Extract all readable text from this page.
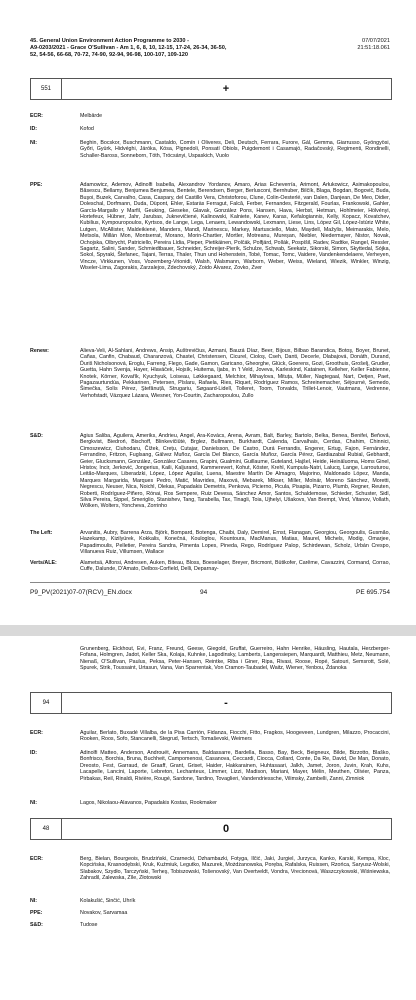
45. General Union Environment Action Programme to 2030 -
A9-0203/2021 - Grace O'Sullivan - Am 1, 6, 8, 10, 12-15, 17-24, 26-34, 36-50,
52, 54-56, 66-68, 70-72, 74-90, 92-94, 96-98, 100-107, 109-120
07/07/2021
21:51:18.061
551	+
ECR:	Melbārde
ID:	Kofod
NI:	Beghin, Bocskor, Buschmann, Castaldo, Comín i Oliveres, Deli, Deutsch, Ferrara, Furore, Gál, Gemma, Giarrusso, Gyöngyösi, Győri, Gyürk, Hidvéghi, Járóka, Kósa, Pignedoli, Ponsatí Obiols, Puigdemont i Casamajó, Radačovský, Regimenti, Rondinelli, Schaller-Baross, Sonneborn, Tóth, Trócsányi, Uspaskich, Vuolo
PPE:	Adamowicz, Ademov, Adinolfi Isabella, Alexandrov Yordanov, Amaro, Arias Echeverría, Arimont, Arłukowicz, Asimakopoulou, Băsescu, Bellamy, Benjumea Benjumea, Bentele, Berendsen, Berger, Berlusconi, Bernhuber, Bilčík, Blaga, Bogdan, Bogovič, Buda, Buşoi, Buzek, Carvalho, Casa, Caspary, del Castillo Vera, Christoforou, Clune, Colin-Oesterlé, van Dalen, Danjean, De Meo, Didier, Doleschal, Dorfmann, Duda, Düpont, Ehler, Estaràs Ferragut, Falcă, Ferber, Fernandes, Fitzgerald, Fourlas, Frankowski, Gahler, García-Margallo y Marfil, Geuking, Gieseke, Glavak, González Pons, Hansen, Hava, Herbst, Hetman, Hohlmeier, Hölvényi, Hortefeux, Hübner, Jahr, Jarubas, Juknevičienė, Kalinowski, Kalniete, Kanev, Karas, Kefalogiannis, Kelly, Kopacz, Kovatchev, Kubilius, Kympouropoulos, Kyrtsos, de Lange, Lega, Lenaers, Lewandowski, Lexmann, Liese, Lins, López Gil, López-Istúriz White, Lutgen, McAllister, Maldeikienė, Manders, Mandl, Marinescu, Markey, Martusciello, Mato, Maydell, Mažylis, Meimarakis, Melo, Metsola, Millán Mon, Montserrat, Morano, Morin-Chartier, Mortler, Motreanu, Mureșan, Niebler, Niedermayer, Nistor, Novak, Ochojska, Olbrycht, Patriciello, Pereira Lídia, Pieper, Pietikäinen, Polčák, Polfjärd, Pollák, Pospíšil, Radev, Radtke, Rangel, Ressler, Sagartz, Salini, Sander, Schmiedtbauer, Schneider, Schreijer-Pierik, Schulze, Schwab, Seekatz, Sikorski, Simon, Skyttedal, Sójka, Sokol, Spyraki, Štefanec, Tajani, Terras, Thaler, Thun und Hohenstein, Tobé, Tomac, Tomc, Vaidere, Vandenkendelaere, Verheyen, Vincze, Virkkunen, Voss, Vozemberg-Vrionidi, Walsh, Walsmann, Warborn, Weber, Weiss, Wieland, Wiezik, Winkler, Winzig, Wiseler-Lima, Zagorakis, Zarzalejos, Zdechovský, Zoido Álvarez, Zovko, Zver
Renew:	Alieva-Veli, Al-Sahlani, Andrews, Ansip, Auštrevičius, Azmani, Bauzá Díaz, Beer, Bijoux, Bilbao Barandica, Botoş, Boyer, Brunet, Cañas, Canfin, Chabaud, Charanzová, Chastel, Christensen, Cicurel, Cioloş, Cseh, Danti, Decerle, Dlabajová, Donáth, Durand, Ďuriš Nicholsonová, Eroglu, Farreng, Flego, Gade, Gamon, Garicano, Gheorghe, Glück, Goerens, Gozi, Groothuis, Grošelj, Grudler, Guetta, Hahn Svenja, Hayer, Hlaváček, Hojsík, Huitema, Ijabs, in 't Veld, Joveva, Karleskind, Katainen, Kelleher, Keller Fabienne, Knotek, Körner, Kovařík, Kyuchyuk, Loiseau, Løkkegaard, Melchior, Mihaylova, Mituța, Müller, Nagtegaal, Nart, Oetjen, Paet, Pagazaurtundúa, Pekkarinen, Petersen, Pîslaru, Rafaela, Ries, Riquet, Rodríguez Ramos, Schreinemacher, Séjourné, Semedo, Šimečka, Solís Pérez, Ştefănuță, Strugariu, Søgaard-Lidell, Tolleret, Toom, Torvalds, Trillet-Lenoir, Vautmans, Vedrenne, Verhofstadt, Vázquez Lázara, Wiesner, Yon-Courtin, Zacharopoulou, Zullo
S&D:	Agius Saliba, Aguilera, Ameriks, Andrieu, Angel, Ara-Kovács, Arena, Avram, Balt, Barley, Bartolo, Belka, Benea, Benifei, Beňová, Bergkvist, Biedroń, Bischoff, Blinkevičiūtė, Brglez, Bullmann, Burkhardt, Calenda, Carvalhais, Cerdas, Chahim, Chinnici, Cimoszewicz, Ciuhodaru, Čížek, Crețu, Cutajar, Danielsson, De Castro, Durá Ferrandis, Engerer, Ertug, Fajon, Fernández, Ferrandino, Fritzon, Fuglsang, Gálvez Muñoz, García Del Blanco, García Muñoz, García Pérez, Gardiazabal Rubial, Gebhardt, Geier, Glucksmann, González, González Casares, Grapini, Gualmini, Guillaume, Guteland, Hajšel, Heide, Heinäluoma, Homs Ginel, Hristov, Incir, Jerković, Jongerius, Kaili, Kaljurand, Kammerevert, Kohut, Köster, Krehl, Kumpula-Natri, Lalucq, Lange, Larrouturou, Leitão-Marques, Liberadzki, López, López Aguilar, Luena, Maestre Martín De Almagro, Majorino, Maldonado López, Manda, Marques Margarida, Marques Pedro, Matić, Mavrides, Maxová, Mebarek, Mikser, Miller, Molnár, Moreno Sánchez, Moretti, Negrescu, Neuser, Nica, Noichl, Olekas, Papadakis Demetris, Penkova, Picierno, Picula, Pisapia, Pizarro, Plumb, Regner, Reuten, Roberti, Rodríguez-Piñero, Rónai, Ros Sempere, Ruiz Devesa, Sánchez Amor, Santos, Schaldemose, Schieder, Schuster, Sidl, Silva Pereira, Sippel, Smeriglio, Stanishev, Tang, Tarabella, Tax, Tinagli, Toia, Ujhelyi, Ušakovs, Van Brempt, Vind, Vitanov, Vollath, Wölken, Wolters, Yoncheva, Zorrinho
The Left:	Arvanitis, Aubry, Barrena Arza, Björk, Bompard, Botenga, Chaibi, Daly, Demirel, Ernst, Flanagan, Georgiou, Georgoulis, Gusmão, Hazekamp, Kizilyürek, Kokkalis, Konečná, Kouloglou, Kountoura, MacManus, Matias, Maurel, Michels, Modig, Omarjee, Papadimoulis, Pelletier, Pereira Sandra, Pimenta Lopes, Pineda, Rego, Rodríguez Palop, Schirdewan, Scholz, Urbán Crespo, Villanueva Ruiz, Villumsen, Wallace
Verts/ALE:	Alametsä, Alfonsi, Andresen, Auken, Biteau, Bloss, Boeselager, Breyer, Bricmont, Bütikofer, Carême, Cavazzini, Cormand, Corrao, Cuffe, Dalunde, D'Amato, Delbos-Corfield, Delli, Deparnay-
P9_PV(2021)07-07(RCV)_EN.docx	94	PE 695.754
Grunenberg, Eickhout, Evi, Franz, Freund, Geese, Giegold, Gruffat, Guerreiro, Hahn Henrike, Häusling, Hautala, Herzberger-Fofana, Holmgren, Jadot, Keller Ska, Kolaja, Kuhnke, Lagodinsky, Lamberts, Langensiepen, Marquardt, Matthieu, Metz, Neumann, Nienaß, O'Sullivan, Paulus, Peksa, Peter-Hansen, Reintke, Riba i Giner, Ripa, Rivasi, Roose, Ropé, Satouri, Semsrott, Solé, Spurek, Strik, Toussaint, Urtasun, Vana, Van Sparrentak, Von Cramon-Taubadel, Waitz, Wiener, Yenbou, Ždanoka
94	-
ECR:	Aguilar, Berlato, Buxadé Villalba, de la Pisa Carrión, Fidanza, Fiocchi, Fitto, Fragkos, Hoogeveen, Lundgren, Milazzo, Procaccini, Rooken, Roos, Sofo, Stancanelli, Stegrud, Tertsch, Tomaševski, Weimers
ID:	Adinolfi Matteo, Anderson, Androuët, Annemans, Baldassarre, Bardella, Basso, Bay, Beck, Beigneux, Bilde, Bizzotto, Blaško, Bonfrisco, Borchia, Bruna, Buchheit, Campomenosi, Casanova, Ceccardi, Ciocca, Collard, Conte, Da Re, David, De Man, Donato, Dreosto, Fest, Garraud, de Graaff, Grant, Griset, Haider, Hakkarainen, Huhtasaari, Jalkh, Jamet, Joron, Juvin, Krah, Kuhs, Lacapelle, Lancini, Laporte, Lebreton, Lechanteux, Limmer, Lizzi, Madison, Mariani, Mayer, Mélin, Meuthen, Olivier, Panza, Pirbakas, Reil, Rinaldi, Rivière, Rougé, Sardone, Tardino, Tovaglieri, Vandendriessche, Vilimsky, Zambelli, Zanni, Zimniok
NI:	Lagos, Nikolaou-Alavanos, Papadakis Kostas, Rookmaker
48	0
ECR:	Berg, Bielan, Bourgeois, Brudziński, Czarnecki, Dzhambazki, Fotyga, Ilčić, Jaki, Jurgiel, Jurzyca, Kanko, Karski, Kempa, Kloc, Kopcińska, Krasnodębski, Kruk, Kuźmiuk, Legutko, Mazurek, Możdżanowska, Poręba, Rafalska, Ruissen, Rzońca, Saryusz-Wolski, Slabakov, Szydło, Tarczyński, Terheş, Tobiszowski, Tošenovský, Van Overtveldt, Vondra, Vrecionová, Waszczykowski, Wiśniewska, Zahradil, Zalewska, Zīle, Złotowski
NI:	Kolakušić, Sinčić, Uhrík
PPE:	Novakov, Sarvamaa
S&D:	Tudose
